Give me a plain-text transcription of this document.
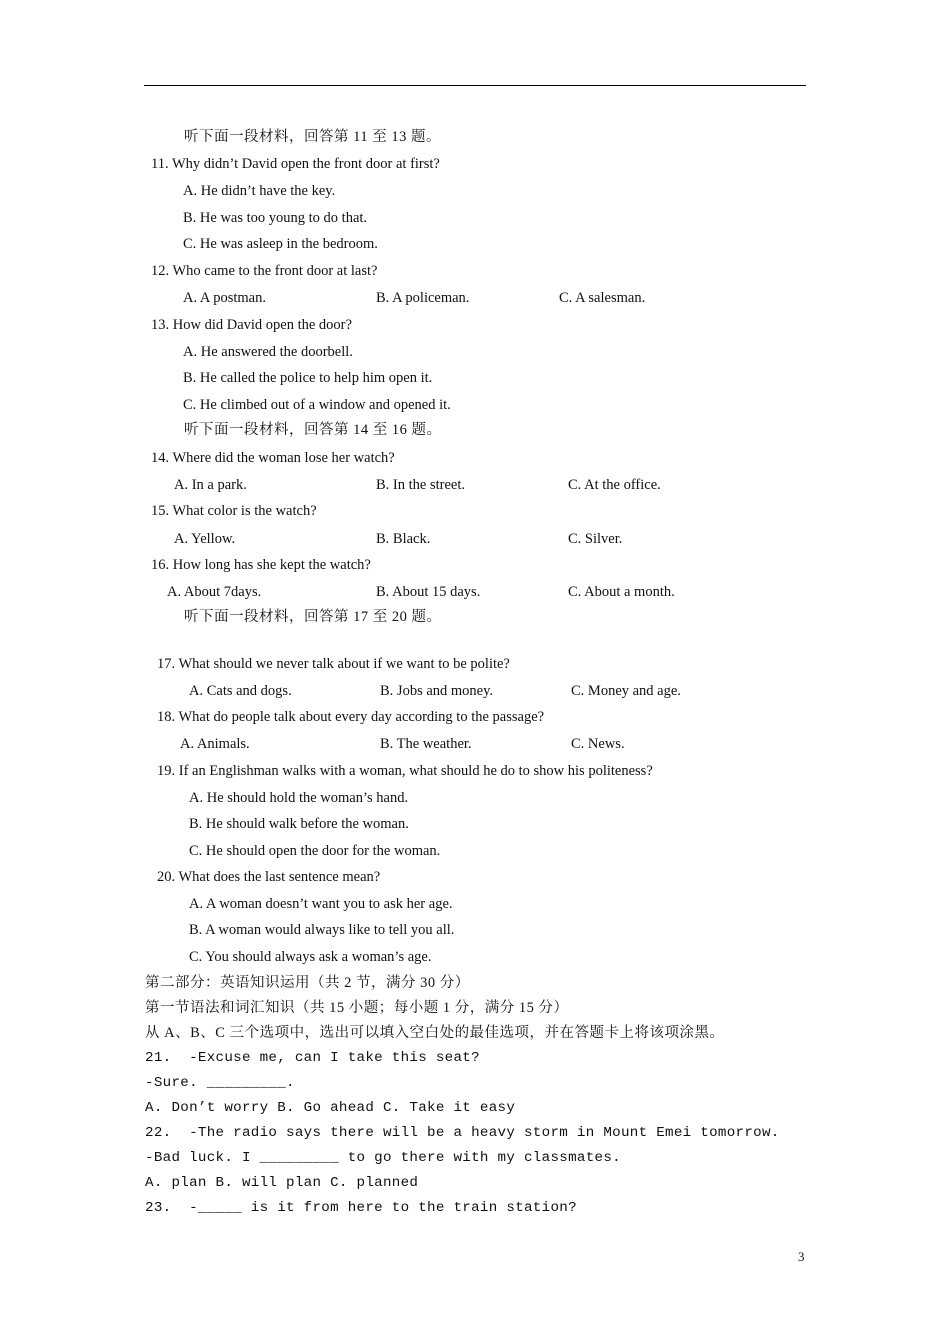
听下面一段材料，回答第 11 至 13 题。
11. Why didn’t David open the front door at first?
A. He didn’t have the key.
B. He was too young to do that.
C. He was asleep in the bedroom.
12. Who came to the front door at last?
A. A postman.	B. A policeman.	C. A salesman.
13. How did David open the door?
A. He answered the doorbell.
B. He called the police to help him open it.
C. He climbed out of a window and opened it.
听下面一段材料，回答第 14 至 16 题。
14. Where did the woman lose her watch?
A. In a park.	B. In the street.	C. At the office.
15. What color is the watch?
A. Yellow.	B. Black.	C. Silver.
16. How long has she kept the watch?
A. About 7days.	B. About 15 days.	C. About a month.
听下面一段材料，回答第 17 至 20 题。
17. What should we never talk about if we want to be polite?
A. Cats and dogs.	B. Jobs and money.	C. Money and age.
18. What do people talk about every day according to the passage?
A. Animals.	B. The weather.	C. News.
19. If an Englishman walks with a woman, what should he do to show his politeness?
A. He should hold the woman’s hand.
B. He should walk before the woman.
C. He should open the door for the woman.
20. What does the last sentence mean?
A. A woman doesn’t want you to ask her age.
B. A woman would always like to tell you all.
C. You should always ask a woman’s age.
第二部分：英语知识运用（共 2 节，满分 30 分）
第一节语法和词汇知识（共 15 小题；每小题 1 分，满分 15 分）
从 A、B、C 三个选项中，选出可以填入空白处的最佳选项，并在答题卡上将该项涂黑。
21.  -Excuse me, can I take this seat?
-Sure. _________.
A. Don’t worry B. Go ahead C. Take it easy
22.  -The radio says there will be a heavy storm in Mount Emei tomorrow.
-Bad luck. I _________ to go there with my classmates.
A. plan B. will plan C. planned
23.  -_____ is it from here to the train station?
3
